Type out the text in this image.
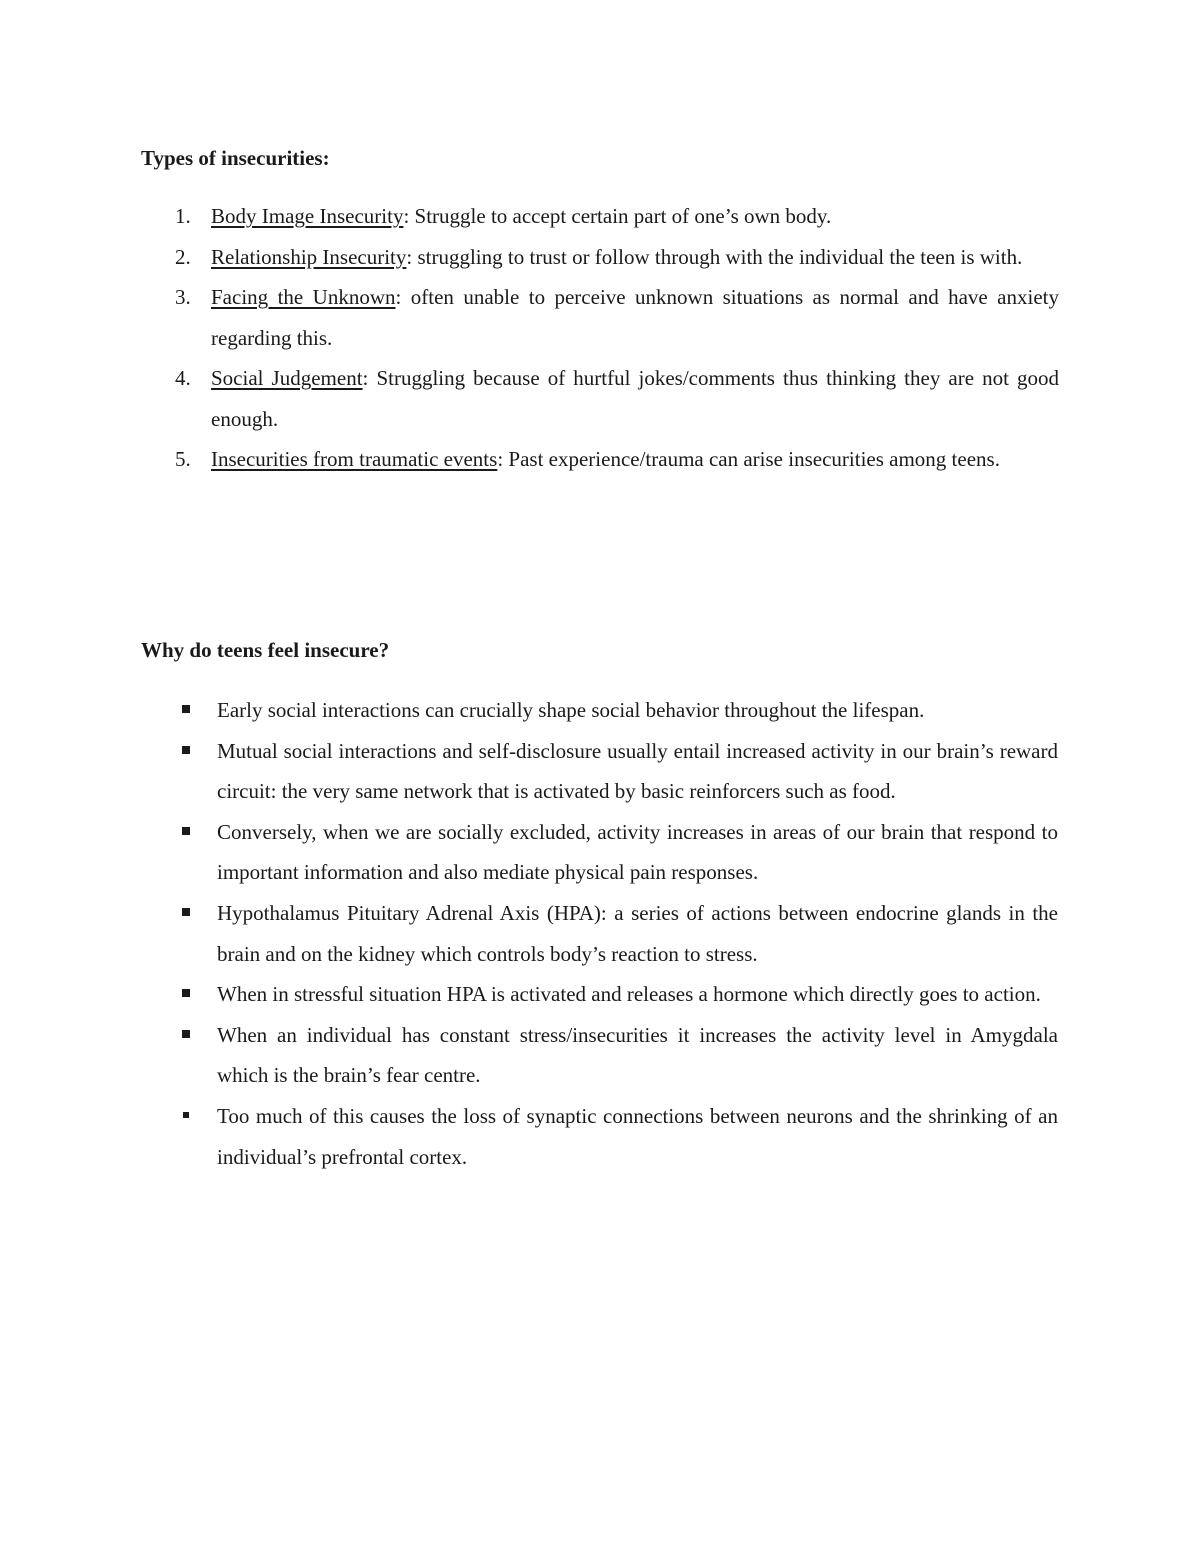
Types of insecurities:
1. Body Image Insecurity: Struggle to accept certain part of one’s own body.
2. Relationship Insecurity: struggling to trust or follow through with the individual the teen is with.
3. Facing the Unknown: often unable to perceive unknown situations as normal and have anxiety regarding this.
4. Social Judgement: Struggling because of hurtful jokes/comments thus thinking they are not good enough.
5. Insecurities from traumatic events: Past experience/trauma can arise insecurities among teens.
Why do teens feel insecure?
Early social interactions can crucially shape social behavior throughout the lifespan.
Mutual social interactions and self-disclosure usually entail increased activity in our brain’s reward circuit: the very same network that is activated by basic reinforcers such as food.
Conversely, when we are socially excluded, activity increases in areas of our brain that respond to important information and also mediate physical pain responses.
Hypothalamus Pituitary Adrenal Axis (HPA): a series of actions between endocrine glands in the brain and on the kidney which controls body’s reaction to stress.
When in stressful situation HPA is activated and releases a hormone which directly goes to action.
When an individual has constant stress/insecurities it increases the activity level in Amygdala which is the brain’s fear centre.
Too much of this causes the loss of synaptic connections between neurons and the shrinking of an individual’s prefrontal cortex.
